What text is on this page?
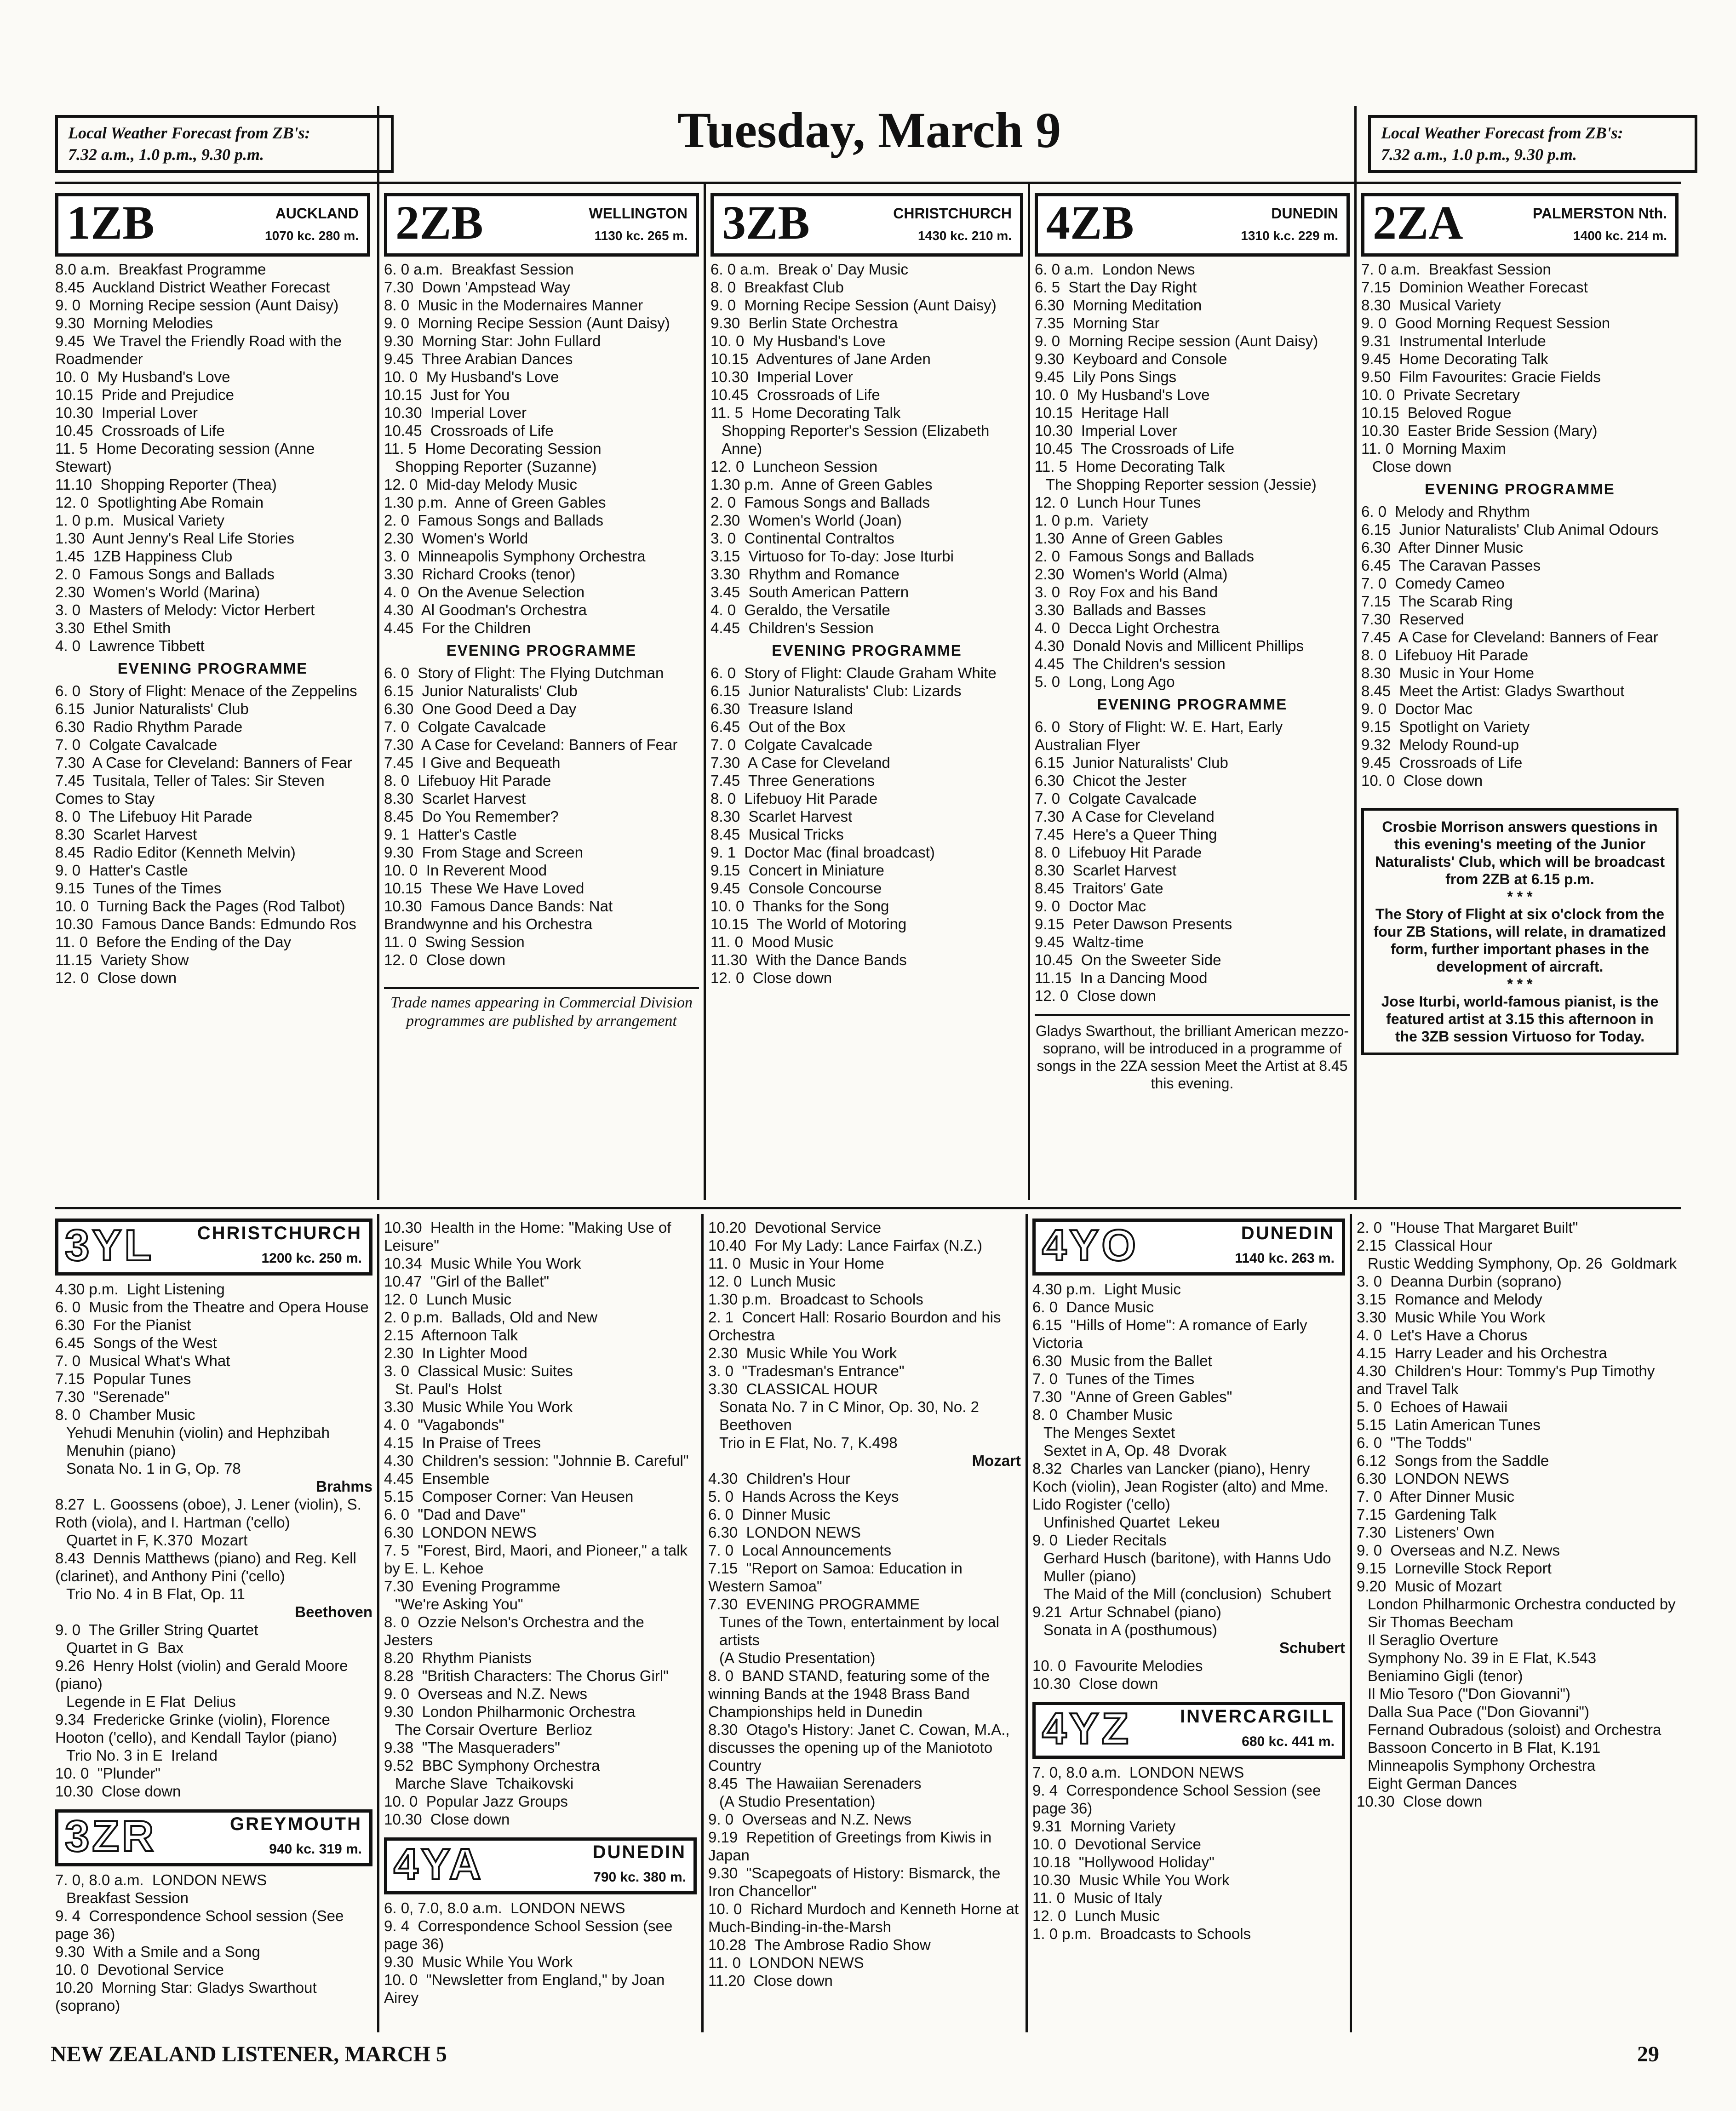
Local Weather Forecast from ZB's:
7.32 a.m., 1.0 p.m., 9.30 p.m.	Tuesday, March 9	Local Weather Forecast from ZB's:
7.32 a.m., 1.0 p.m., 9.30 p.m.
1ZB	AUCKLAND
1070 kc. 280 m.

8.0 a.m.  Breakfast Programme

8.45  Auckland District Weather Forecast

9. 0  Morning Recipe session (Aunt Daisy)

9.30  Morning Melodies

9.45  We Travel the Friendly Road with the Roadmender

10. 0  My Husband's Love

10.15  Pride and Prejudice

10.30  Imperial Lover

10.45  Crossroads of Life

11. 5  Home Decorating session (Anne Stewart)

11.10  Shopping Reporter (Thea)

12. 0  Spotlighting Abe Romain

1. 0 p.m.  Musical Variety

1.30  Aunt Jenny's Real Life Stories

1.45  1ZB Happiness Club

2. 0  Famous Songs and Ballads

2.30  Women's World (Marina)

3. 0  Masters of Melody: Victor Herbert

3.30  Ethel Smith

4. 0  Lawrence Tibbett

EVENING PROGRAMME

6. 0  Story of Flight: Menace of the Zeppelins

6.15  Junior Naturalists' Club

6.30  Radio Rhythm Parade

7. 0  Colgate Cavalcade

7.30  A Case for Cleveland: Banners of Fear

7.45  Tusitala, Teller of Tales: Sir Steven Comes to Stay

8. 0  The Lifebuoy Hit Parade

8.30  Scarlet Harvest

8.45  Radio Editor (Kenneth Melvin)

9. 0  Hatter's Castle

9.15  Tunes of the Times

10. 0  Turning Back the Pages (Rod Talbot)

10.30  Famous Dance Bands: Edmundo Ros

11. 0  Before the Ending of the Day

11.15  Variety Show

12. 0  Close down

2ZB	WELLINGTON
1130 kc. 265 m.

6. 0 a.m.  Breakfast Session

7.30  Down 'Ampstead Way

8. 0  Music in the Modernaires Manner

9. 0  Morning Recipe Session (Aunt Daisy)

9.30  Morning Star: John Fullard

9.45  Three Arabian Dances

10. 0  My Husband's Love

10.15  Just for You

10.30  Imperial Lover

10.45  Crossroads of Life

11. 5  Home Decorating Session

Shopping Reporter (Suzanne)

12. 0  Mid-day Melody Music

1.30 p.m.  Anne of Green Gables

2. 0  Famous Songs and Ballads

2.30  Women's World

3. 0  Minneapolis Symphony Orchestra

3.30  Richard Crooks (tenor)

4. 0  On the Avenue Selection

4.30  Al Goodman's Orchestra

4.45  For the Children

EVENING PROGRAMME

6. 0  Story of Flight: The Flying Dutchman

6.15  Junior Naturalists' Club

6.30  One Good Deed a Day

7. 0  Colgate Cavalcade

7.30  A Case for Ceveland: Banners of Fear

7.45  I Give and Bequeath

8. 0  Lifebuoy Hit Parade

8.30  Scarlet Harvest

8.45  Do You Remember?

9. 1  Hatter's Castle

9.30  From Stage and Screen

10. 0  In Reverent Mood

10.15  These We Have Loved

10.30  Famous Dance Bands: Nat Brandwynne and his Orchestra

11. 0  Swing Session

12. 0  Close down

Trade names appearing in Commercial Division programmes are published by arrangement
3ZB	CHRISTCHURCH
1430 kc. 210 m.

6. 0 a.m.  Break o' Day Music

8. 0  Breakfast Club

9. 0  Morning Recipe Session (Aunt Daisy)

9.30  Berlin State Orchestra

10. 0  My Husband's Love

10.15  Adventures of Jane Arden

10.30  Imperial Lover

10.45  Crossroads of Life

11. 5  Home Decorating Talk

Shopping Reporter's Session (Elizabeth Anne)

12. 0  Luncheon Session

1.30 p.m.  Anne of Green Gables

2. 0  Famous Songs and Ballads

2.30  Women's World (Joan)

3. 0  Continental Contraltos

3.15  Virtuoso for To-day: Jose Iturbi

3.30  Rhythm and Romance

3.45  South American Pattern

4. 0  Geraldo, the Versatile

4.45  Children's Session

EVENING PROGRAMME

6. 0  Story of Flight: Claude Graham White

6.15  Junior Naturalists' Club: Lizards

6.30  Treasure Island

6.45  Out of the Box

7. 0  Colgate Cavalcade

7.30  A Case for Cleveland

7.45  Three Generations

8. 0  Lifebuoy Hit Parade

8.30  Scarlet Harvest

8.45  Musical Tricks

9. 1  Doctor Mac (final broadcast)

9.15  Concert in Miniature

9.45  Console Concourse

10. 0  Thanks for the Song

10.15  The World of Motoring

11. 0  Mood Music

11.30  With the Dance Bands

12. 0  Close down

4ZB	DUNEDIN
1310 k.c. 229 m.

6. 0 a.m.  London News

6. 5  Start the Day Right

6.30  Morning Meditation

7.35  Morning Star

9. 0  Morning Recipe session (Aunt Daisy)

9.30  Keyboard and Console

9.45  Lily Pons Sings

10. 0  My Husband's Love

10.15  Heritage Hall

10.30  Imperial Lover

10.45  The Crossroads of Life

11. 5  Home Decorating Talk

The Shopping Reporter session (Jessie)

12. 0  Lunch Hour Tunes

1. 0 p.m.  Variety

1.30  Anne of Green Gables

2. 0  Famous Songs and Ballads

2.30  Women's World (Alma)

3. 0  Roy Fox and his Band

3.30  Ballads and Basses

4. 0  Decca Light Orchestra

4.30  Donald Novis and Millicent Phillips

4.45  The Children's session

5. 0  Long, Long Ago

EVENING PROGRAMME

6. 0  Story of Flight: W. E. Hart, Early Australian Flyer

6.15  Junior Naturalists' Club

6.30  Chicot the Jester

7. 0  Colgate Cavalcade

7.30  A Case for Cleveland

7.45  Here's a Queer Thing

8. 0  Lifebuoy Hit Parade

8.30  Scarlet Harvest

8.45  Traitors' Gate

9. 0  Doctor Mac

9.15  Peter Dawson Presents

9.45  Waltz-time

10.45  On the Sweeter Side

11.15  In a Dancing Mood

12. 0  Close down

Gladys Swarthout, the brilliant American mezzo-soprano, will be introduced in a programme of songs in the 2ZA session Meet the Artist at 8.45 this evening.
2ZA	PALMERSTON Nth.
1400 kc. 214 m.

7. 0 a.m.  Breakfast Session

7.15  Dominion Weather Forecast

8.30  Musical Variety

9. 0  Good Morning Request Session

9.31  Instrumental Interlude

9.45  Home Decorating Talk

9.50  Film Favourites: Gracie Fields

10. 0  Private Secretary

10.15  Beloved Rogue

10.30  Easter Bride Session (Mary)

11. 0  Morning Maxim

Close down

EVENING PROGRAMME

6. 0  Melody and Rhythm

6.15  Junior Naturalists' Club Animal Odours

6.30  After Dinner Music

6.45  The Caravan Passes

7. 0  Comedy Cameo

7.15  The Scarab Ring

7.30  Reserved

7.45  A Case for Cleveland: Banners of Fear

8. 0  Lifebuoy Hit Parade

8.30  Music in Your Home

8.45  Meet the Artist: Gladys Swarthout

9. 0  Doctor Mac

9.15  Spotlight on Variety

9.32  Melody Round-up

9.45  Crossroads of Life

10. 0  Close down

Crosbie Morrison answers questions in this evening's meeting of the Junior Naturalists' Club, which will be broadcast from 2ZB at 6.15 p.m.

* * *

The Story of Flight at six o'clock from the four ZB Stations, will relate, in dramatized form, further important phases in the development of aircraft.

* * *

Jose Iturbi, world-famous pianist, is the featured artist at 3.15 this afternoon in the 3ZB session Virtuoso for Today.

3YL CHRISTCHURCH
1200 kc. 250 m.

4.30 p.m.  Light Listening

6. 0  Music from the Theatre and Opera House

6.30  For the Pianist

6.45  Songs of the West

7. 0  Musical What's What

7.15  Popular Tunes

7.30  "Serenade"

8. 0  Chamber Music

Yehudi Menuhin (violin) and Hephzibah Menuhin (piano)

Sonata No. 1 in G, Op. 78

Brahms

8.27  L. Goossens (oboe), J. Lener (violin), S. Roth (viola), and I. Hartman ('cello)

Quartet in F, K.370  Mozart

8.43  Dennis Matthews (piano) and Reg. Kell (clarinet), and Anthony Pini ('cello)

Trio No. 4 in B Flat, Op. 11

Beethoven

9. 0  The Griller String Quartet

Quartet in G  Bax

9.26  Henry Holst (violin) and Gerald Moore (piano)

Legende in E Flat  Delius

9.34  Fredericke Grinke (violin), Florence Hooton ('cello), and Kendall Taylor (piano)

Trio No. 3 in E  Ireland

10. 0  "Plunder"

10.30  Close down

3ZR	GREYMOUTH
940 kc. 319 m.

7. 0, 8.0 a.m.  LONDON NEWS

Breakfast Session

9. 4  Correspondence School session (See page 36)

9.30  With a Smile and a Song

10. 0  Devotional Service

10.20  Morning Star: Gladys Swarthout (soprano)

10.30  Health in the Home: "Making Use of Leisure"

10.34  Music While You Work

10.47  "Girl of the Ballet"

12. 0  Lunch Music

2. 0 p.m.  Ballads, Old and New

2.15  Afternoon Talk

2.30  In Lighter Mood

3. 0  Classical Music: Suites

St. Paul's  Holst

3.30  Music While You Work

4. 0  "Vagabonds"

4.15  In Praise of Trees

4.30  Children's session: "Johnnie B. Careful"

4.45  Ensemble

5.15  Composer Corner: Van Heusen

6. 0  "Dad and Dave"

6.30  LONDON NEWS

7. 5  "Forest, Bird, Maori, and Pioneer," a talk by E. L. Kehoe

7.30  Evening Programme

"We're Asking You"

8. 0  Ozzie Nelson's Orchestra and the Jesters

8.20  Rhythm Pianists

8.28  "British Characters: The Chorus Girl"

9. 0  Overseas and N.Z. News

9.30  London Philharmonic Orchestra

The Corsair Overture  Berlioz

9.38  "The Masqueraders"

9.52  BBC Symphony Orchestra

Marche Slave  Tchaikovski

10. 0  Popular Jazz Groups

10.30  Close down

4YA	DUNEDIN
790 kc. 380 m.

6. 0, 7.0, 8.0 a.m.  LONDON NEWS

9. 4  Correspondence School Session (see page 36)

9.30  Music While You Work

10. 0  "Newsletter from England," by Joan Airey

10.20  Devotional Service

10.40  For My Lady: Lance Fairfax (N.Z.)

11. 0  Music in Your Home

12. 0  Lunch Music

1.30 p.m.  Broadcast to Schools

2. 1  Concert Hall: Rosario Bourdon and his Orchestra

2.30  Music While You Work

3. 0  "Tradesman's Entrance"

3.30  CLASSICAL HOUR

Sonata No. 7 in C Minor, Op. 30, No. 2  Beethoven

Trio in E Flat, No. 7, K.498

Mozart

4.30  Children's Hour

5. 0  Hands Across the Keys

6. 0  Dinner Music

6.30  LONDON NEWS

7. 0  Local Announcements

7.15  "Report on Samoa: Education in Western Samoa"

7.30  EVENING PROGRAMME

Tunes of the Town, entertainment by local artists

(A Studio Presentation)

8. 0  BAND STAND, featuring some of the winning Bands at the 1948 Brass Band Championships held in Dunedin

8.30  Otago's History: Janet C. Cowan, M.A., discusses the opening up of the Maniototo Country

8.45  The Hawaiian Serenaders

(A Studio Presentation)

9. 0  Overseas and N.Z. News

9.19  Repetition of Greetings from Kiwis in Japan

9.30  "Scapegoats of History: Bismarck, the Iron Chancellor"

10. 0  Richard Murdoch and Kenneth Horne at Much-Binding-in-the-Marsh

10.28  The Ambrose Radio Show

11. 0  LONDON NEWS

11.20  Close down

4YO	DUNEDIN
1140 kc. 263 m.

4.30 p.m.  Light Music

6. 0  Dance Music

6.15  "Hills of Home": A romance of Early Victoria

6.30  Music from the Ballet

7. 0  Tunes of the Times

7.30  "Anne of Green Gables"

8. 0  Chamber Music

The Menges Sextet

Sextet in A, Op. 48  Dvorak

8.32  Charles van Lancker (piano), Henry Koch (violin), Jean Rogister (alto) and Mme. Lido Rogister ('cello)

Unfinished Quartet  Lekeu

9. 0  Lieder Recitals

Gerhard Husch (baritone), with Hanns Udo Muller (piano)

The Maid of the Mill (conclusion)  Schubert

9.21  Artur Schnabel (piano)

Sonata in A (posthumous)

Schubert

10. 0  Favourite Melodies

10.30  Close down

4YZ	INVERCARGILL
680 kc. 441 m.

7. 0, 8.0 a.m.  LONDON NEWS

9. 4  Correspondence School Session (see page 36)

9.31  Morning Variety

10. 0  Devotional Service

10.18  "Hollywood Holiday"

10.30  Music While You Work

11. 0  Music of Italy

12. 0  Lunch Music

1. 0 p.m.  Broadcasts to Schools

2. 0  "House That Margaret Built"

2.15  Classical Hour

Rustic Wedding Symphony, Op. 26  Goldmark

3. 0  Deanna Durbin (soprano)

3.15  Romance and Melody

3.30  Music While You Work

4. 0  Let's Have a Chorus

4.15  Harry Leader and his Orchestra

4.30  Children's Hour: Tommy's Pup Timothy and Travel Talk

5. 0  Echoes of Hawaii

5.15  Latin American Tunes

6. 0  "The Todds"

6.12  Songs from the Saddle

6.30  LONDON NEWS

7. 0  After Dinner Music

7.15  Gardening Talk

7.30  Listeners' Own

9. 0  Overseas and N.Z. News

9.15  Lorneville Stock Report

9.20  Music of Mozart

London Philharmonic Orchestra conducted by Sir Thomas Beecham

Il Seraglio Overture

Symphony No. 39 in E Flat, K.543

Beniamino Gigli (tenor)

Il Mio Tesoro ("Don Giovanni")

Dalla Sua Pace ("Don Giovanni")

Fernand Oubradous (soloist) and Orchestra

Bassoon Concerto in B Flat, K.191

Minneapolis Symphony Orchestra

Eight German Dances

10.30  Close down

NEW ZEALAND LISTENER, MARCH 5	29
